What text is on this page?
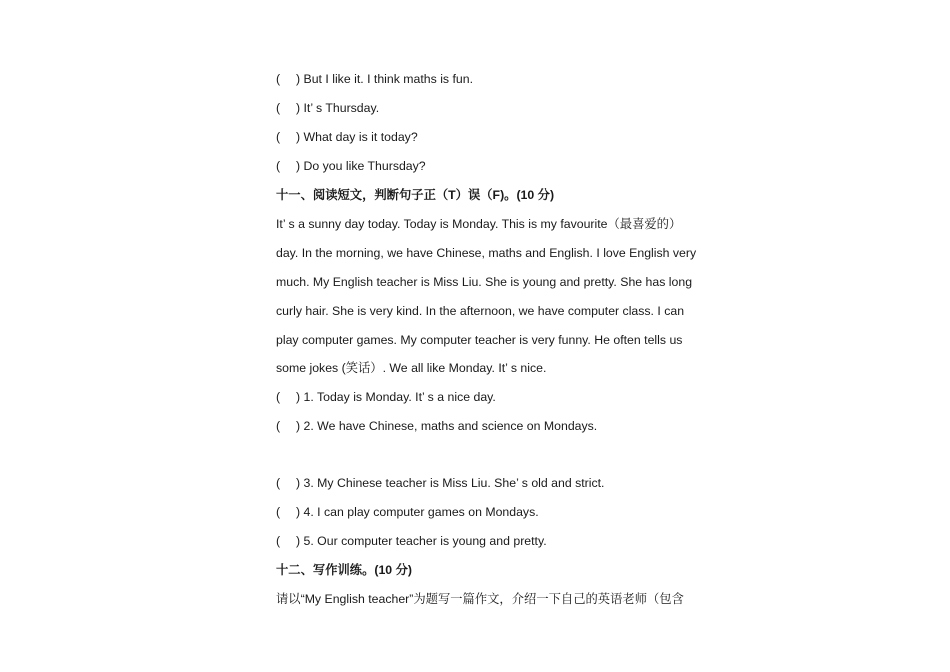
( ) But I like it. I think maths is fun.
( ) It’ s Thursday.
( ) What day is it today?
( ) Do you like Thursday?
十一、阅读短文，判断句子正（T）误（F)。(10 分)
It’ s a sunny day today. Today is Monday. This is my favourite（最喜爱的）
day. In the morning, we have Chinese, maths and English. I love English very
much. My English teacher is Miss Liu. She is young and pretty. She has long
curly hair. She is very kind. In the afternoon, we have computer class. I can
play computer games. My computer teacher is very funny. He often tells us
some jokes (笑话）. We all like Monday. It’ s nice.
( ) 1. Today is Monday. It’ s a nice day.
( ) 2. We have Chinese, maths and science on Mondays.
( ) 3. My Chinese teacher is Miss Liu. She’ s old and strict.
( ) 4. I can play computer games on Mondays.
( ) 5. Our computer teacher is young and pretty.
十二、写作训练。(10 分)
请以“My English teacher”为题写一篇作文，介绍一下自己的英语老师（包含
